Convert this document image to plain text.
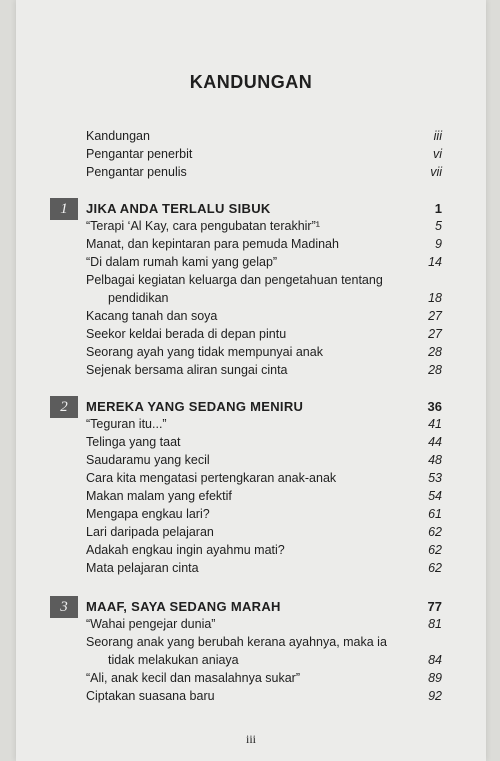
KANDUNGAN
Kandungan	iii
Pengantar penerbit	vi
Pengantar penulis	vii
1	JIKA ANDA TERLALU SIBUK	1
“Terapi ‘Al Kay, cara pengubatan terakhir”¹	5
Manat, dan kepintaran para pemuda Madinah	9
“Di dalam rumah kami yang gelap”	14
Pelbagai kegiatan keluarga dan pengetahuan tentang
pendidikan	18
Kacang tanah dan soya	27
Seekor keldai berada di depan pintu	27
Seorang ayah yang tidak mempunyai anak	28
Sejenak bersama aliran sungai cinta	28
2	MEREKA YANG SEDANG MENIRU	36
“Teguran itu...”	41
Telinga yang taat	44
Saudaramu yang kecil	48
Cara kita mengatasi pertengkaran anak-anak	53
Makan malam yang efektif	54
Mengapa engkau lari?	61
Lari daripada pelajaran	62
Adakah engkau ingin ayahmu mati?	62
Mata pelajaran cinta	62
3	MAAF, SAYA SEDANG MARAH	77
“Wahai pengejar dunia”	81
Seorang anak yang berubah kerana ayahnya, maka ia
tidak melakukan aniaya	84
“Ali, anak kecil dan masalahnya sukar”	89
Ciptakan suasana baru	92
iii
